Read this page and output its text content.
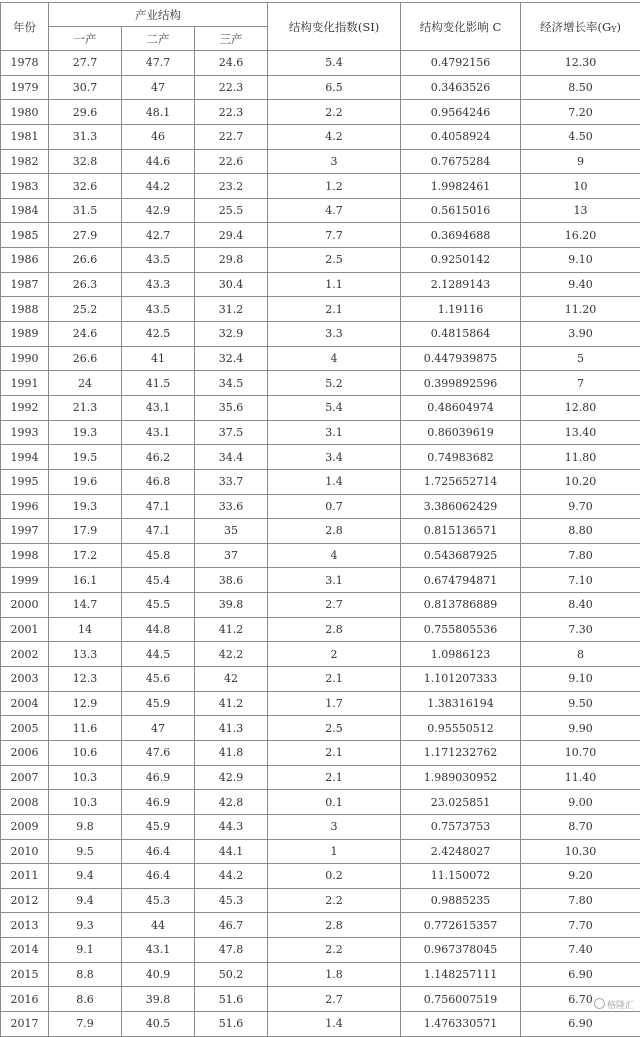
年份	产业结构			结构变化指数(SI)	结构变化影响 C	经济增长率(GY)
	一产	二产	三产			
1978	27.7	47.7	24.6	5.4	0.4792156	12.30
1979	30.7	47	22.3	6.5	0.3463526	8.50
1980	29.6	48.1	22.3	2.2	0.9564246	7.20
1981	31.3	46	22.7	4.2	0.4058924	4.50
1982	32.8	44.6	22.6	3	0.7675284	9
1983	32.6	44.2	23.2	1.2	1.9982461	10
1984	31.5	42.9	25.5	4.7	0.5615016	13
1985	27.9	42.7	29.4	7.7	0.3694688	16.20
1986	26.6	43.5	29.8	2.5	0.9250142	9.10
1987	26.3	43.3	30.4	1.1	2.1289143	9.40
1988	25.2	43.5	31.2	2.1	1.19116	11.20
1989	24.6	42.5	32.9	3.3	0.4815864	3.90
1990	26.6	41	32.4	4	0.447939875	5
1991	24	41.5	34.5	5.2	0.399892596	7
1992	21.3	43.1	35.6	5.4	0.48604974	12.80
1993	19.3	43.1	37.5	3.1	0.86039619	13.40
1994	19.5	46.2	34.4	3.4	0.74983682	11.80
1995	19.6	46.8	33.7	1.4	1.725652714	10.20
1996	19.3	47.1	33.6	0.7	3.386062429	9.70
1997	17.9	47.1	35	2.8	0.815136571	8.80
1998	17.2	45.8	37	4	0.543687925	7.80
1999	16.1	45.4	38.6	3.1	0.674794871	7.10
2000	14.7	45.5	39.8	2.7	0.813786889	8.40
2001	14	44.8	41.2	2.8	0.755805536	7.30
2002	13.3	44.5	42.2	2	1.0986123	8
2003	12.3	45.6	42	2.1	1.101207333	9.10
2004	12.9	45.9	41.2	1.7	1.38316194	9.50
2005	11.6	47	41.3	2.5	0.95550512	9.90
2006	10.6	47.6	41.8	2.1	1.171232762	10.70
2007	10.3	46.9	42.9	2.1	1.989030952	11.40
2008	10.3	46.9	42.8	0.1	23.025851	9.00
2009	9.8	45.9	44.3	3	0.7573753	8.70
2010	9.5	46.4	44.1	1	2.4248027	10.30
2011	9.4	46.4	44.2	0.2	11.150072	9.20
2012	9.4	45.3	45.3	2.2	0.9885235	7.80
2013	9.3	44	46.7	2.8	0.772615357	7.70
2014	9.1	43.1	47.8	2.2	0.967378045	7.40
2015	8.8	40.9	50.2	1.8	1.148257111	6.90
2016	8.6	39.8	51.6	2.7	0.756007519	6.70
2017	7.9	40.5	51.6	1.4	1.476330571	6.90
格隆汇
